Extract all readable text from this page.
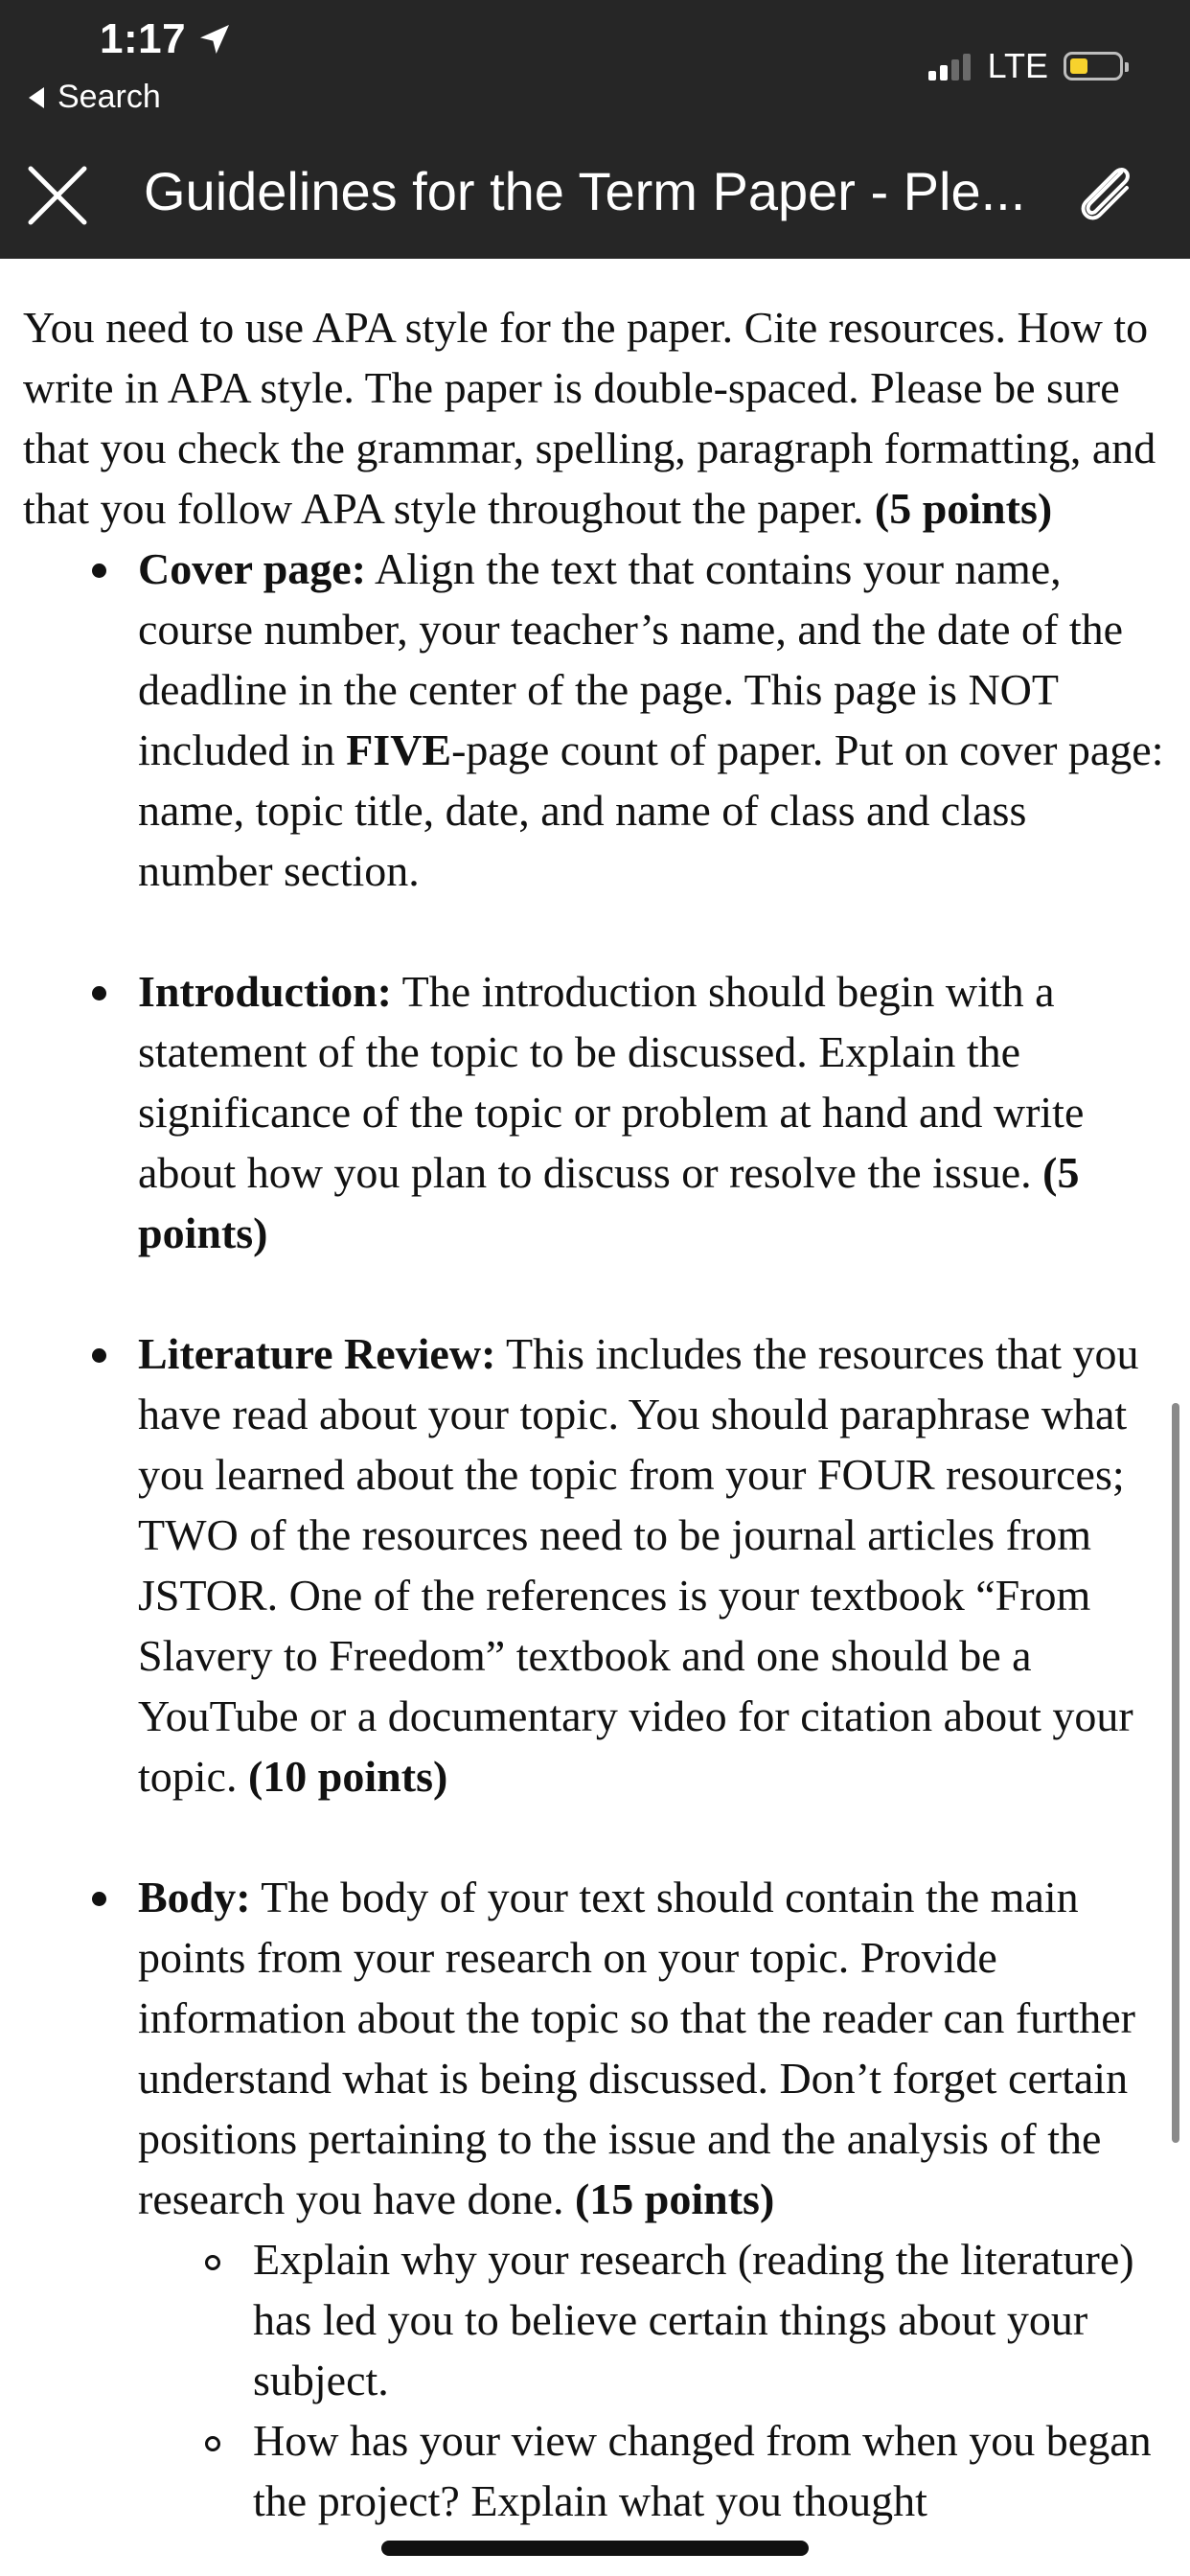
1:17
Search
LTE
Guidelines for the Term Paper - Ple...

You need to use APA style for the paper. Cite resources. How to write in APA style. The paper is double-spaced. Please be sure that you check the grammar, spelling, paragraph formatting, and that you follow APA style throughout the paper. (5 points)

Cover page: Align the text that contains your name, course number, your teacher’s name, and the date of the deadline in the center of the page. This page is NOT included in FIVE-page count of paper. Put on cover page: name, topic title, date, and name of class and class number section.
Introduction: The introduction should begin with a statement of the topic to be discussed. Explain the significance of the topic or problem at hand and write about how you plan to discuss or resolve the issue. (5 points)
Literature Review: This includes the resources that you have read about your topic. You should paraphrase what you learned about the topic from your FOUR resources; TWO of the resources need to be journal articles from JSTOR. One of the references is your textbook “From Slavery to Freedom” textbook and one should be a YouTube or a documentary video for citation about your topic. (10 points)
Body: The body of your text should contain the main points from your research on your topic. Provide information about the topic so that the reader can further understand what is being discussed. Don’t forget certain positions pertaining to the issue and the analysis of the research you have done. (15 points)
Explain why your research (reading the literature) has led you to believe certain things about your subject.
How has your view changed from when you began the project? Explain what you thought
